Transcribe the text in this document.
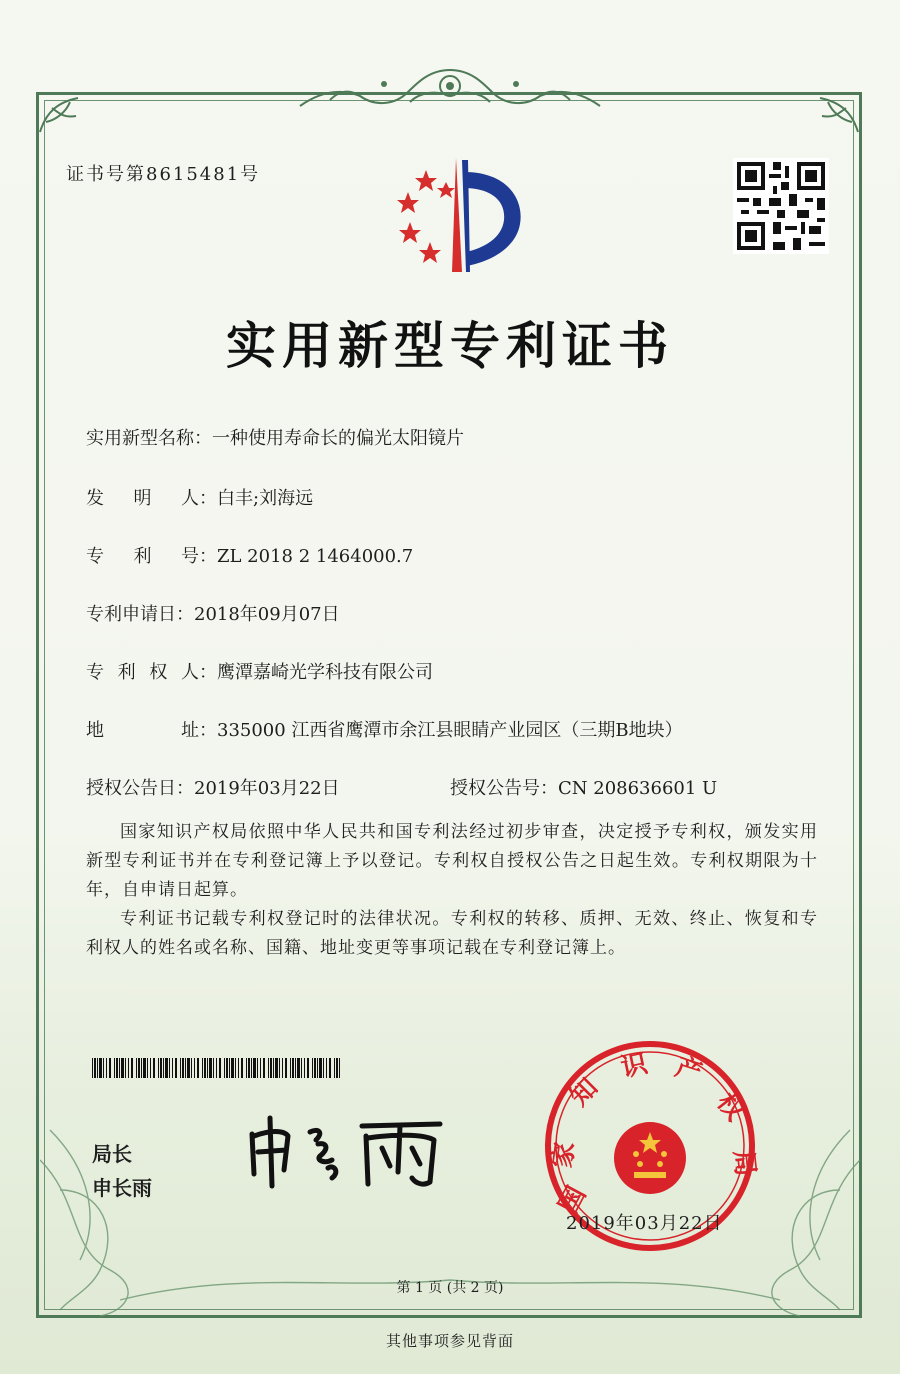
证书号第8615481号
实用新型专利证书
实用新型名称：一种使用寿命长的偏光太阳镜片
发 明 人 ：白丰;刘海远
专 利 号 ：ZL 2018 2 1464000.7
专利申请日：2018年09月07日
专 利 权 人 ：鹰潭嘉崎光学科技有限公司
地	址 ：335000 江西省鹰潭市余江县眼睛产业园区（三期B地块）
授权公告日：2019年03月22日	授权公告号：CN 208636601 U
国家知识产权局依照中华人民共和国专利法经过初步审查，决定授予专利权，颁发实用新型专利证书并在专利登记簿上予以登记。专利权自授权公告之日起生效。专利权期限为十年，自申请日起算。
专利证书记载专利权登记时的法律状况。专利权的转移、质押、无效、终止、恢复和专利权人的姓名或名称、国籍、地址变更等事项记载在专利登记簿上。
局长
申长雨	国
家
知
识 产
权
局
2019年03月22日
第 1 页 (共 2 页)
其他事项参见背面
